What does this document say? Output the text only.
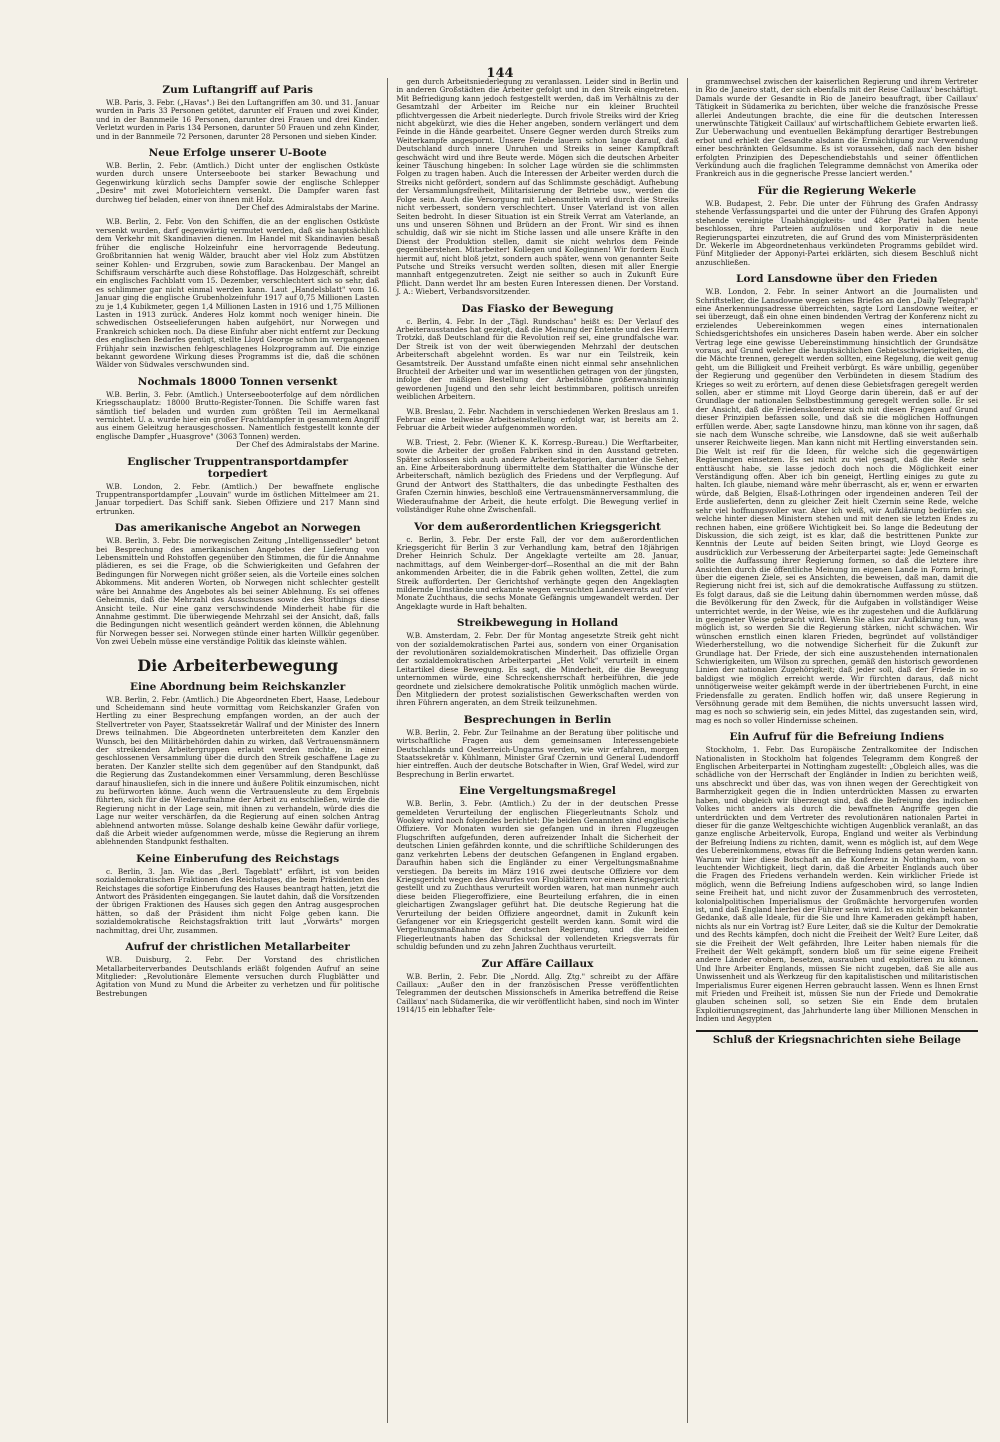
144
Zum Luftangriff auf Paris

W.B. Paris, 3. Febr. („Havas".) Bei den Luftangriffen am 30. und 31. Januar wurden in Paris 33 Personen getötet, darunter elf Frauen und zwei Kinder, und in der Bannmeile 16 Personen, darunter drei Frauen und drei Kinder. Verletzt wurden in Paris 134 Personen, darunter 50 Frauen und zehn Kinder, und in der Bannmeile 72 Personen, darunter 28 Personen und sieben Kinder.

Neue Erfolge unserer U-Boote

W.B. Berlin, 2. Febr. (Amtlich.) Dicht unter der englischen Ostküste wurden durch unsere Unterseeboote bei starker Bewachung und Gegenwirkung kürzlich sechs Dampfer sowie der englische Schlepper „Desire" mit zwei Motorleichtern versenkt. Die Dampfer waren fast durchweg tief beladen, einer von ihnen mit Holz.

Der Chef des Admiralstabs der Marine.

W.B. Berlin, 2. Febr. Von den Schiffen, die an der englischen Ostküste versenkt wurden, darf gegenwärtig vermutet werden, daß sie hauptsächlich dem Verkehr mit Skandinavien dienen. Im Handel mit Skandinavien besaß früher die englische Holzeinfuhr eine hervorragende Bedeutung. Großbritannien hat wenig Wälder, braucht aber viel Holz zum Abstützen seiner Kohlen- und Erzgruben, sowie zum Barackenbau. Der Mangel an Schiffsraum verschärfte auch diese Rohstofflage. Das Holzgeschäft, schreibt ein englisches Fachblatt vom 15. Dezember, verschlechtert sich so sehr, daß es schlimmer gar nicht einmal werden kann. Laut „Handelsblatt" vom 16. Januar ging die englische Grubenholzeinfuhr 1917 auf 0,75 Millionen Lasten zu je 1,4 Kubikmeter, gegen 1,4 Millionen Lasten in 1916 und 1,75 Millionen Lasten in 1913 zurück. Anderes Holz kommt noch weniger hinein. Die schwedischen Ostseelieferungen haben aufgehört, nur Norwegen und Frankreich schicken noch. Da diese Einfuhr aber nicht entfernt zur Deckung des englischen Bedarfes genügt, stellte Lloyd George schon im vergangenen Frühjahr sein inzwischen fehlgeschlagenes Holzprogramm auf. Die einzige bekannt gewordene Wirkung dieses Programms ist die, daß die schönen Wälder von Südwales verschwunden sind.

Nochmals 18000 Tonnen versenkt

W.B. Berlin, 3. Febr. (Amtlich.) Unterseebooterfolge auf dem nördlichen Kriegsschauplatz: 18000 Brutto-Register-Tonnen. Die Schiffe waren fast sämtlich tief beladen und wurden zum größten Teil im Aermelkanal vernichtet. U. a. wurde hier ein großer Frachtdampfer in gesammtem Angriff aus einem Geleitzug herausgeschossen. Namentlich festgestellt konnte der englische Dampfer „Huasgrove" (3063 Tonnen) werden.

Der Chef des Admiralstabs der Marine.

Englischer Truppentransportdampfer torpediert

W.B. London, 2. Febr. (Amtlich.) Der bewaffnete englische Truppentransportdampfer „Louvain" wurde im östlichen Mittelmeer am 21. Januar torpediert. Das Schiff sank. Sieben Offiziere und 217 Mann sind ertrunken.

Das amerikanische Angebot an Norwegen

W.B. Berlin, 3. Febr. Die norwegischen Zeitung „Intelligenssedler" betont bei Besprechung des amerikanischen Angebotes der Lieferung von Lebensmitteln und Rohstoffen gegenüber den Stimmen, die für die Annahme plädieren, es sei die Frage, ob die Schwierigkeiten und Gefahren der Bedingungen für Norwegen nicht größer seien, als die Vorteile eines solchen Abkommens. Mit anderen Worten, ob Norwegen nicht schlechter gestellt wäre bei Annahme des Angebotes als bei seiner Ablehnung. Es sei offenes Geheimnis, daß die Mehrzahl des Ausschusses sowie des Storthings diese Ansicht teile. Nur eine ganz verschwindende Minderheit habe für die Annahme gestimmt. Die überwiegende Mehrzahl sei der Ansicht, daß, falls die Bedingungen nicht wesentlich geändert werden können, die Ablehnung für Norwegen besser sei. Norwegen stünde einer harten Willkür gegenüber. Von zwei Uebeln müsse eine verständige Politik das kleinste wählen.

Die Arbeiterbewegung
Eine Abordnung beim Reichskanzler

W.B. Berlin, 2. Febr. (Amtlich.) Die Abgeordneten Ebert, Haase, Ledebour und Scheidemann sind heute vormittag vom Reichskanzler Grafen von Hertling zu einer Besprechung empfangen worden, an der auch der Stellvertreter von Payer, Staatssekretär Wallraf und der Minister des Innern Drews teilnahmen. Die Abgeordneten unterbreiteten dem Kanzler den Wunsch, bei den Militärbehörden dahin zu wirken, daß Vertrauensmännern der streikenden Arbeitergruppen erlaubt werden möchte, in einer geschlossenen Versammlung über die durch den Streik geschaffene Lage zu beraten. Der Kanzler stellte sich dem gegenüber auf den Standpunkt, daß die Regierung das Zustandekommen einer Versammlung, deren Beschlüsse darauf hinausliefen, sich in die innere und äußere Politik einzumischen, nicht zu befürworten könne. Auch wenn die Vertrauensleute zu dem Ergebnis führten, sich für die Wiederaufnahme der Arbeit zu entschließen, würde die Regierung nicht in der Lage sein, mit ihnen zu verhandeln, würde dies die Lage nur weiter verschärfen, da die Regierung auf einen solchen Antrag ablehnend antworten müsse. Solange deshalb keine Gewähr dafür vorliege, daß die Arbeit wieder aufgenommen werde, müsse die Regierung an ihrem ablehnenden Standpunkt festhalten.

Keine Einberufung des Reichstags

c. Berlin, 3. Jan. Wie das „Berl. Tageblatt" erfährt, ist von beiden sozialdemokratischen Fraktionen des Reichstages, die beim Präsidenten des Reichstages die sofortige Einberufung des Hauses beantragt hatten, jetzt die Antwort des Präsidenten eingegangen. Sie lautet dahin, daß die Vorsitzenden der übrigen Fraktionen des Hauses sich gegen den Antrag ausgesprochen hätten, so daß der Präsident ihm nicht Folge geben kann. Die sozialdemokratische Reichstagsfraktion tritt laut „Vorwärts" morgen nachmittag, drei Uhr, zusammen.

Aufruf der christlichen Metallarbeiter

W.B. Duisburg, 2. Febr. Der Vorstand des christlichen Metallarbeiterverbandes Deutschlands erläßt folgenden Aufruf an seine Mitglieder: „Revolutionäre Elemente versuchen durch Flugblätter und Agitation von Mund zu Mund die Arbeiter zu verhetzen und für politische Bestrebungen

gen durch Arbeitsniederlegung zu veranlassen. Leider sind in Berlin und in anderen Großstädten die Arbeiter gefolgt und in den Streik eingetreten. Mit Befriedigung kann jedoch festgestellt werden, daß im Verhältnis zu der Gesamtzahl der Arbeiter im Reiche nur ein kleiner Bruchteil pflichtvergessen die Arbeit niederlegte. Durch frivole Streiks wird der Krieg nicht abgekürzt, wie dies die Heher angeben, sondern verlängert und dem Feinde in die Hände gearbeitet. Unsere Gegner werden durch Streiks zum Weiterkampfe angespornt. Unsere Feinde lauern schon lange darauf, daß Deutschland durch innere Unruhen und Streiks in seiner Kampfkraft geschwächt wird und ihre Beute werde. Mögen sich die deutschen Arbeiter keiner Täuschung hingeben: In solcher Lage würden sie die schlimmsten Folgen zu tragen haben. Auch die Interessen der Arbeiter werden durch die Streiks nicht gefördert, sondern auf das Schlimmste geschädigt. Aufhebung der Versammlungsfreiheit, Militarisierung der Betriebe usw., werden die Folge sein. Auch die Versorgung mit Lebensmitteln wird durch die Streiks nicht verbessert, sondern verschlechtert. Unser Vaterland ist von allen Seiten bedroht. In dieser Situation ist ein Streik Verrat am Vaterlande, an uns und unseren Söhnen und Brüdern an der Front. Wir sind es ihnen schuldig, daß wir sie nicht im Stiche lassen und alle unsere Kräfte in den Dienst der Produktion stellen, damit sie nicht wehrlos dem Feinde gegenüberstehen. Mitarbeiter! Kollegen und Kolleginnen! Wir fordern Euch hiermit auf, nicht bloß jetzt, sondern auch später, wenn von genannter Seite Putsche und Streiks versucht werden sollten, diesen mit aller Energie mannhaft entgegenzutreten. Zeigt nie seither so auch in Zukunft Eure Pflicht. Dann werdet Ihr am besten Euren Interessen dienen. Der Vorstand. J. A.: Wiebert, Verbandsvorsitzender.

Das Fiasko der Bewegung

c. Berlin, 4. Febr. In der „Tägl. Rundschau" heißt es: Der Verlauf des Arbeiterausstandes hat gezeigt, daß die Meinung der Entente und des Herrn Trotzki, daß Deutschland für die Revolution reif sei, eine grundfalsche war. Der Streik ist von der weit überwiegenden Mehrzahl der deutschen Arbeiterschaft abgelehnt worden. Es war nur ein Teilstreik, kein Gesamtstreik. Der Ausstand umfaßte einen nicht einmal sehr ansehnlichen Bruchteil der Arbeiter und war im wesentlichen getragen von der jüngsten, infolge der mäßigen Bestellung der Arbeitslöhne größenwahnsinnig gewordenen Jugend und den sehr leicht bestimmbaren, politisch unreifen weiblichen Arbeitern.

W.B. Breslau, 2. Febr. Nachdem in verschiedenen Werken Breslaus am 1. Februar eine teilweise Arbeitseinstellung erfolgt war, ist bereits am 2. Februar die Arbeit wieder aufgenommen worden.

W.B. Triest, 2. Febr. (Wiener K. K. Korresp.-Bureau.) Die Werftarbeiter, sowie die Arbeiter der großen Fabriken sind in den Ausstand getreten. Später schlossen sich auch andere Arbeiterkategorien, darunter die Seher, an. Eine Arbeiterabordnung übermittelte dem Statthalter die Wünsche der Arbeiterschaft, nämlich bezüglich des Friedens und der Verpflegung. Auf Grund der Antwort des Statthalters, die das unbedingte Festhalten des Grafen Czernin hinwies, beschloß eine Vertrauensmännerversammlung, die Wiederaufnahme der Arbeit, die heute erfolgt. Die Bewegung verlief in vollständiger Ruhe ohne Zwischenfall.

Vor dem außerordentlichen Kriegsgericht

c. Berlin, 3. Febr. Der erste Fall, der vor dem außerordentlichen Kriegsgericht für Berlin 3 zur Verhandlung kam, betraf den 18jährigen Dreher Heinrich Schulz. Der Angeklagte verteilte am 28. Januar, nachmittags, auf dem Weinberger-dorf—Rosenthal an die mit der Bahn ankommenden Arbeiter, die in die Fabrik gehen wollten, Zettel, die zum Streik aufforderten. Der Gerichtshof verhängte gegen den Angeklagten mildernde Umstände und erkannte wegen versuchten Landesverrats auf vier Monate Zuchthaus, die sechs Monate Gefängnis umgewandelt werden. Der Angeklagte wurde in Haft behalten.

Streikbewegung in Holland

W.B. Amsterdam, 2. Febr. Der für Montag angesetzte Streik geht nicht von der sozialdemokratischen Partei aus, sondern von einer Organisation der revolutionären sozialdemokratischen Minderheit. Das offizielle Organ der sozialdemokratischen Arbeiterpartei „Het Volk" verurteilt in einem Leitartikel diese Bewegung. Es sagt, die Minderheit, die die Bewegung unternommen würde, eine Schreckensherrschaft herbeiführen, die jede geordnete und zielsichere demokratische Politik unmöglich machen würde. Den Mitgliedern der protest sozialistischen Gewerkschaften werden von ihren Führern angeraten, an dem Streik teilzunehmen.

Besprechungen in Berlin

W.B. Berlin, 2. Febr. Zur Teilnahme an der Beratung über politische und wirtschaftliche Fragen aus dem gemeinsamen Interessengebiete Deutschlands und Oesterreich-Ungarns werden, wie wir erfahren, morgen Staatssekretär v. Kühlmann, Minister Graf Czernin und General Ludendorff hier eintreffen. Auch der deutsche Botschafter in Wien, Graf Wedel, wird zur Besprechung in Berlin erwartet.

Eine Vergeltungsmaßregel

W.B. Berlin, 3. Febr. (Amtlich.) Zu der in der deutschen Presse gemeldeten Verurteilung der englischen Fliegerleutnants Scholz und Wookey wird noch folgendes berichtet: Die beiden Genannten sind englische Offiziere. Vor Monaten wurden sie gefangen und in ihren Flugzeugen Flugschriften aufgefunden, deren aufreizender Inhalt die Sicherheit der deutschen Linien gefährden konnte, und die schriftliche Schilderungen des ganz verkehrten Lebens der deutschen Gefangenen in England ergaben. Daraufhin haben sich die Engländer zu einer Vergeltungsmaßnahme verstiegen. Da bereits im März 1916 zwei deutsche Offiziere vor dem Kriegsgericht wegen des Abwurfes von Flugblättern vor einem Kriegsgericht gestellt und zu Zuchthaus verurteilt worden waren, hat man nunmehr auch diese beiden Fliegeroffiziere, eine Beurteilung erfahren, die in einen gleichartigen Zwangslager geführt hat. Die deutsche Regierung hat die Verurteilung der beiden Offiziere angeordnet, damit in Zukunft kein Gefangener vor ein Kriegsgericht gestellt werden kann. Somit wird die Vergeltungsmaßnahme der deutschen Regierung, und die beiden Fliegerleutnants haben das Schicksal der vollendeten Kriegsverrats für schuldig befunden und zu zehn Jahren Zuchthaus verurteilt.

Zur Affäre Caillaux

W.B. Berlin, 2. Febr. Die „Nordd. Allg. Ztg." schreibt zu der Affäre Caillaux: „Außer den in der französischen Presse veröffentlichten Telegrammen der deutschen Missionschefs in Amerika betreffend die Reise Caillaux' nach Südamerika, die wir veröffentlicht haben, sind noch im Winter 1914/15 ein lebhafter Tele-

grammwechsel zwischen der kaiserlichen Regierung und ihrem Vertreter in Rio de Janeiro statt, der sich ebenfalls mit der Reise Caillaux' beschäftigt. Damals wurde der Gesandte in Rio de Janeiro beauftragt, über Caillaux' Tätigkeit in Südamerika zu berichten, über welche die französische Presse allerlei Andeutungen brachte, die eine für die deutschen Interessen unerwünschte Tätigkeit Caillaux' auf wirtschaftlichem Gebiete erwarten ließ. Zur Ueberwachung und eventuellen Bekämpfung derartiger Bestrebungen erbot und erhielt der Gesandte alsdann die Ermächtigung zur Verwendung einer beschränkten Geldsumme. Es ist voraussehen, daß nach den bisher erfolgten Prinzipien des Depeschendiebstahls und seiner öffentlichen Verkündung auch die fraglichen Telegramme demnächst von Amerika oder Frankreich aus in die gegnerische Presse lanciert werden."

Für die Regierung Wekerle

W.B. Budapest, 2. Febr. Die unter der Führung des Grafen Andrassy stehende Verfassungspartei und die unter der Führung des Grafen Apponyi stehende vereinigte Unabhängigkeits- und 48er Partei haben heute beschlossen, ihre Parteien aufzulösen und korporativ in die neue Regierungspartei einzutreten, die auf Grund des vom Ministerpräsidenten Dr. Wekerle im Abgeordnetenhaus verkündeten Programms gebildet wird. Fünf Mitglieder der Apponyi-Partei erklärten, sich diesem Beschluß nicht anzuschließen.

Lord Lansdowne über den Frieden

W.B. London, 2. Febr. In seiner Antwort an die Journalisten und Schriftsteller, die Lansdowne wegen seines Briefes an den „Daily Telegraph" eine Anerkennungsadresse überreichten, sagte Lord Lansdowne weiter, er sei überzeugt, daß ein ohne einen bindenden Vertrag der Konferenz nicht zu erzielendes Uebereinkommen wegen eines internationalen Schiedsgerichtshofes ein unsicheres Dasein haben werde. Aber ein solcher Vertrag lege eine gewisse Uebereinstimmung hinsichtlich der Grundsätze voraus, auf Grund welcher die hauptsächlichen Gebietsschwierigkeiten, die die Mächte trennen, geregelt werden sollten, eine Regelung, die weit genug geht, um die Billigkeit und Freiheit verbürgt. Es wäre unbillig, gegenüber der Regierung und gegenüber den Verbündeten in diesem Stadium des Krieges so weit zu erörtern, auf denen diese Gebietsfragen geregelt werden sollen, aber er stimme mit Lloyd George darin überein, daß er auf der Grundlage der nationalen Selbstbestimmung geregelt werden solle. Er sei der Ansicht, daß die Friedenskonferenz sich mit diesen Fragen auf Grund dieser Prinzipien befassen solle, und daß sie die möglichen Hoffnungen erfüllen werde. Aber, sagte Lansdowne hinzu, man könne von ihr sagen, daß sie nach dem Wunsche schreibe, wie Lansdowne, daß sie weit außerhalb unserer Reichweite liegen. Man kann nicht mit Hertling einverstanden sein. Die Welt ist reif für die Ideen, für welche sich die gegenwärtigen Regierungen einsetzen. Es sei nicht zu viel gesagt, daß die Rede sehr enttäuscht habe, sie lasse jedoch doch noch die Möglichkeit einer Verständigung offen. Aber ich bin geneigt, Hertling einiges zu gute zu halten. Ich glaube, niemand wäre mehr überrascht, als er, wenn er erwarten würde, daß Belgien, Elsaß-Lothringen oder irgendeinen anderen Teil der Erde auslieferten, denn zu gleicher Zeit hielt Czernin seine Rede, welche sehr viel hoffnungsvoller war. Aber ich weiß, wir Aufklärung bedürfen sie, welche hinter diesen Ministern stehen und mit denen sie letzten Endes zu rechnen haben, eine größere Wichtigkeit bei. So lange die Bedeutung der Diskussion, die sich zeigt, ist es klar, daß die bestrittenen Punkte zur Kenntnis der Leute auf beiden Seiten bringt, wie Lloyd George es ausdrücklich zur Verbesserung der Arbeiterpartei sagte: Jede Gemeinschaft sollte die Auffassung ihrer Regierung formen, so daß die letztere ihre Ansichten durch die öffentliche Meinung im eigenen Lande in Form bringt, über die eigenen Ziele, sei es Ansichten, die beweisen, daß man, damit die Regierung nicht frei ist, sich auf die demokratische Auffassung zu stützen. Es folgt daraus, daß sie die Leitung dahin übernommen werden müsse, daß die Bevölkerung für den Zweck, für die Aufgaben in vollständiger Weise unterrichtet werde, in der Weise, wie es ihr zugestehen und die Aufklärung in geeigneter Weise gebracht wird. Wenn Sie alles zur Aufklärung tun, was möglich ist, so werden Sie die Regierung stärken, nicht schwächen. Wir wünschen ernstlich einen klaren Frieden, begründet auf vollständiger Wiederherstellung, wo die notwendige Sicherheit für die Zukunft zur Grundlage hat. Der Friede, der sich eine auszustehenden internationalen Schwierigkeiten, um Wilson zu sprechen, gemäß den historisch gewordenen Linien der nationalen Zugehörigkeit; daß jeder soll, daß der Friede in so baldigst wie möglich erreicht werde. Wir fürchten daraus, daß nicht unnötigerweise weiter gekämpft werde in der übertriebenen Furcht, in eine Friedensfalle zu geraten. Endlich hoffen wir, daß unsere Regierung in Versöhnung gerade mit dem Bemühen, die nichts unversucht lassen wird, mag es noch so schwierig sein, ein jedes Mittel, das zugestanden sein, wird, mag es noch so voller Hindernisse scheinen.

Ein Aufruf für die Befreiung Indiens

Stockholm, 1. Febr. Das Europäische Zentralkomitee der Indischen Nationalisten in Stockholm hat folgendes Telegramm dem Kongreß der Englischen Arbeiterpartei in Nottingham zugestellt: „Obgleich alles, was die schädliche von der Herrschaft der Engländer in Indien zu berichten weiß, uns abschreckt und über das, was von ihnen wegen der Gerechtigkeit von Barmherzigkeit gegen die in Indien unterdrückten Massen zu erwarten haben, und obgleich wir überzeugt sind, daß die Befreiung des indischen Volkes nicht anders als durch die bewaffneten Angriffe gegen die unterdrückten und dem Vertreter des revolutionären nationalen Partei in dieser für die ganze Weltgeschichte wichtigen Augenblick veranlaßt, an das ganze englische Arbeitervolk, Europa, England und weiter als Verbindung der Befreiung Indiens zu richten, damit, wenn es möglich ist, auf dem Wege des Uebereinkommens, etwas für die Befreiung Indiens getan werden kann. Warum wir hier diese Botschaft an die Konferenz in Nottingham, von so leuchtender Wichtigkeit, liegt darin, daß die Arbeiter Englands auch über die Fragen des Friedens verhandeln werden. Kein wirklicher Friede ist möglich, wenn die Befreiung Indiens aufgeschoben wird, so lange Indien seine Freiheit hat, und nicht zuvor der Zusammenbruch des verrosteten, kolonialpolitischen Imperialismus der Großmächte hervorgerufen worden ist, und daß England hierbei der Führer sein wird. Ist es nicht ein bekannter Gedanke, daß alle Ideale, für die Sie und Ihre Kameraden gekämpft haben, nichts als nur ein Vortrag ist? Eure Leiter, daß sie die Kultur der Demokratie und des Rechts kämpfen, doch nicht die Freiheit der Welt? Eure Leiter, daß sie die Freiheit der Welt gefährden, Ihre Leiter haben niemals für die Freiheit der Welt gekämpft, sondern bloß um für seine eigene Freiheit andere Länder erobern, besetzen, ausrauben und exploitieren zu können. Und Ihre Arbeiter Englands, müssen Sie nicht zugeben, daß Sie alle aus Unwissenheit und als Werkzeug für den kapitalistischen und militaristischen Imperialismus Eurer eigenen Herren gebraucht lassen. Wenn es Ihnen Ernst mit Frieden und Freiheit ist, müssen Sie nun der Friede und Demokratie glauben scheinen soll, so setzen Sie ein Ende dem brutalen Exploitierungsregiment, das Jahrhunderte lang über Millionen Menschen in Indien und Aegypten

Schluß der Kriegsnachrichten siehe Beilage
